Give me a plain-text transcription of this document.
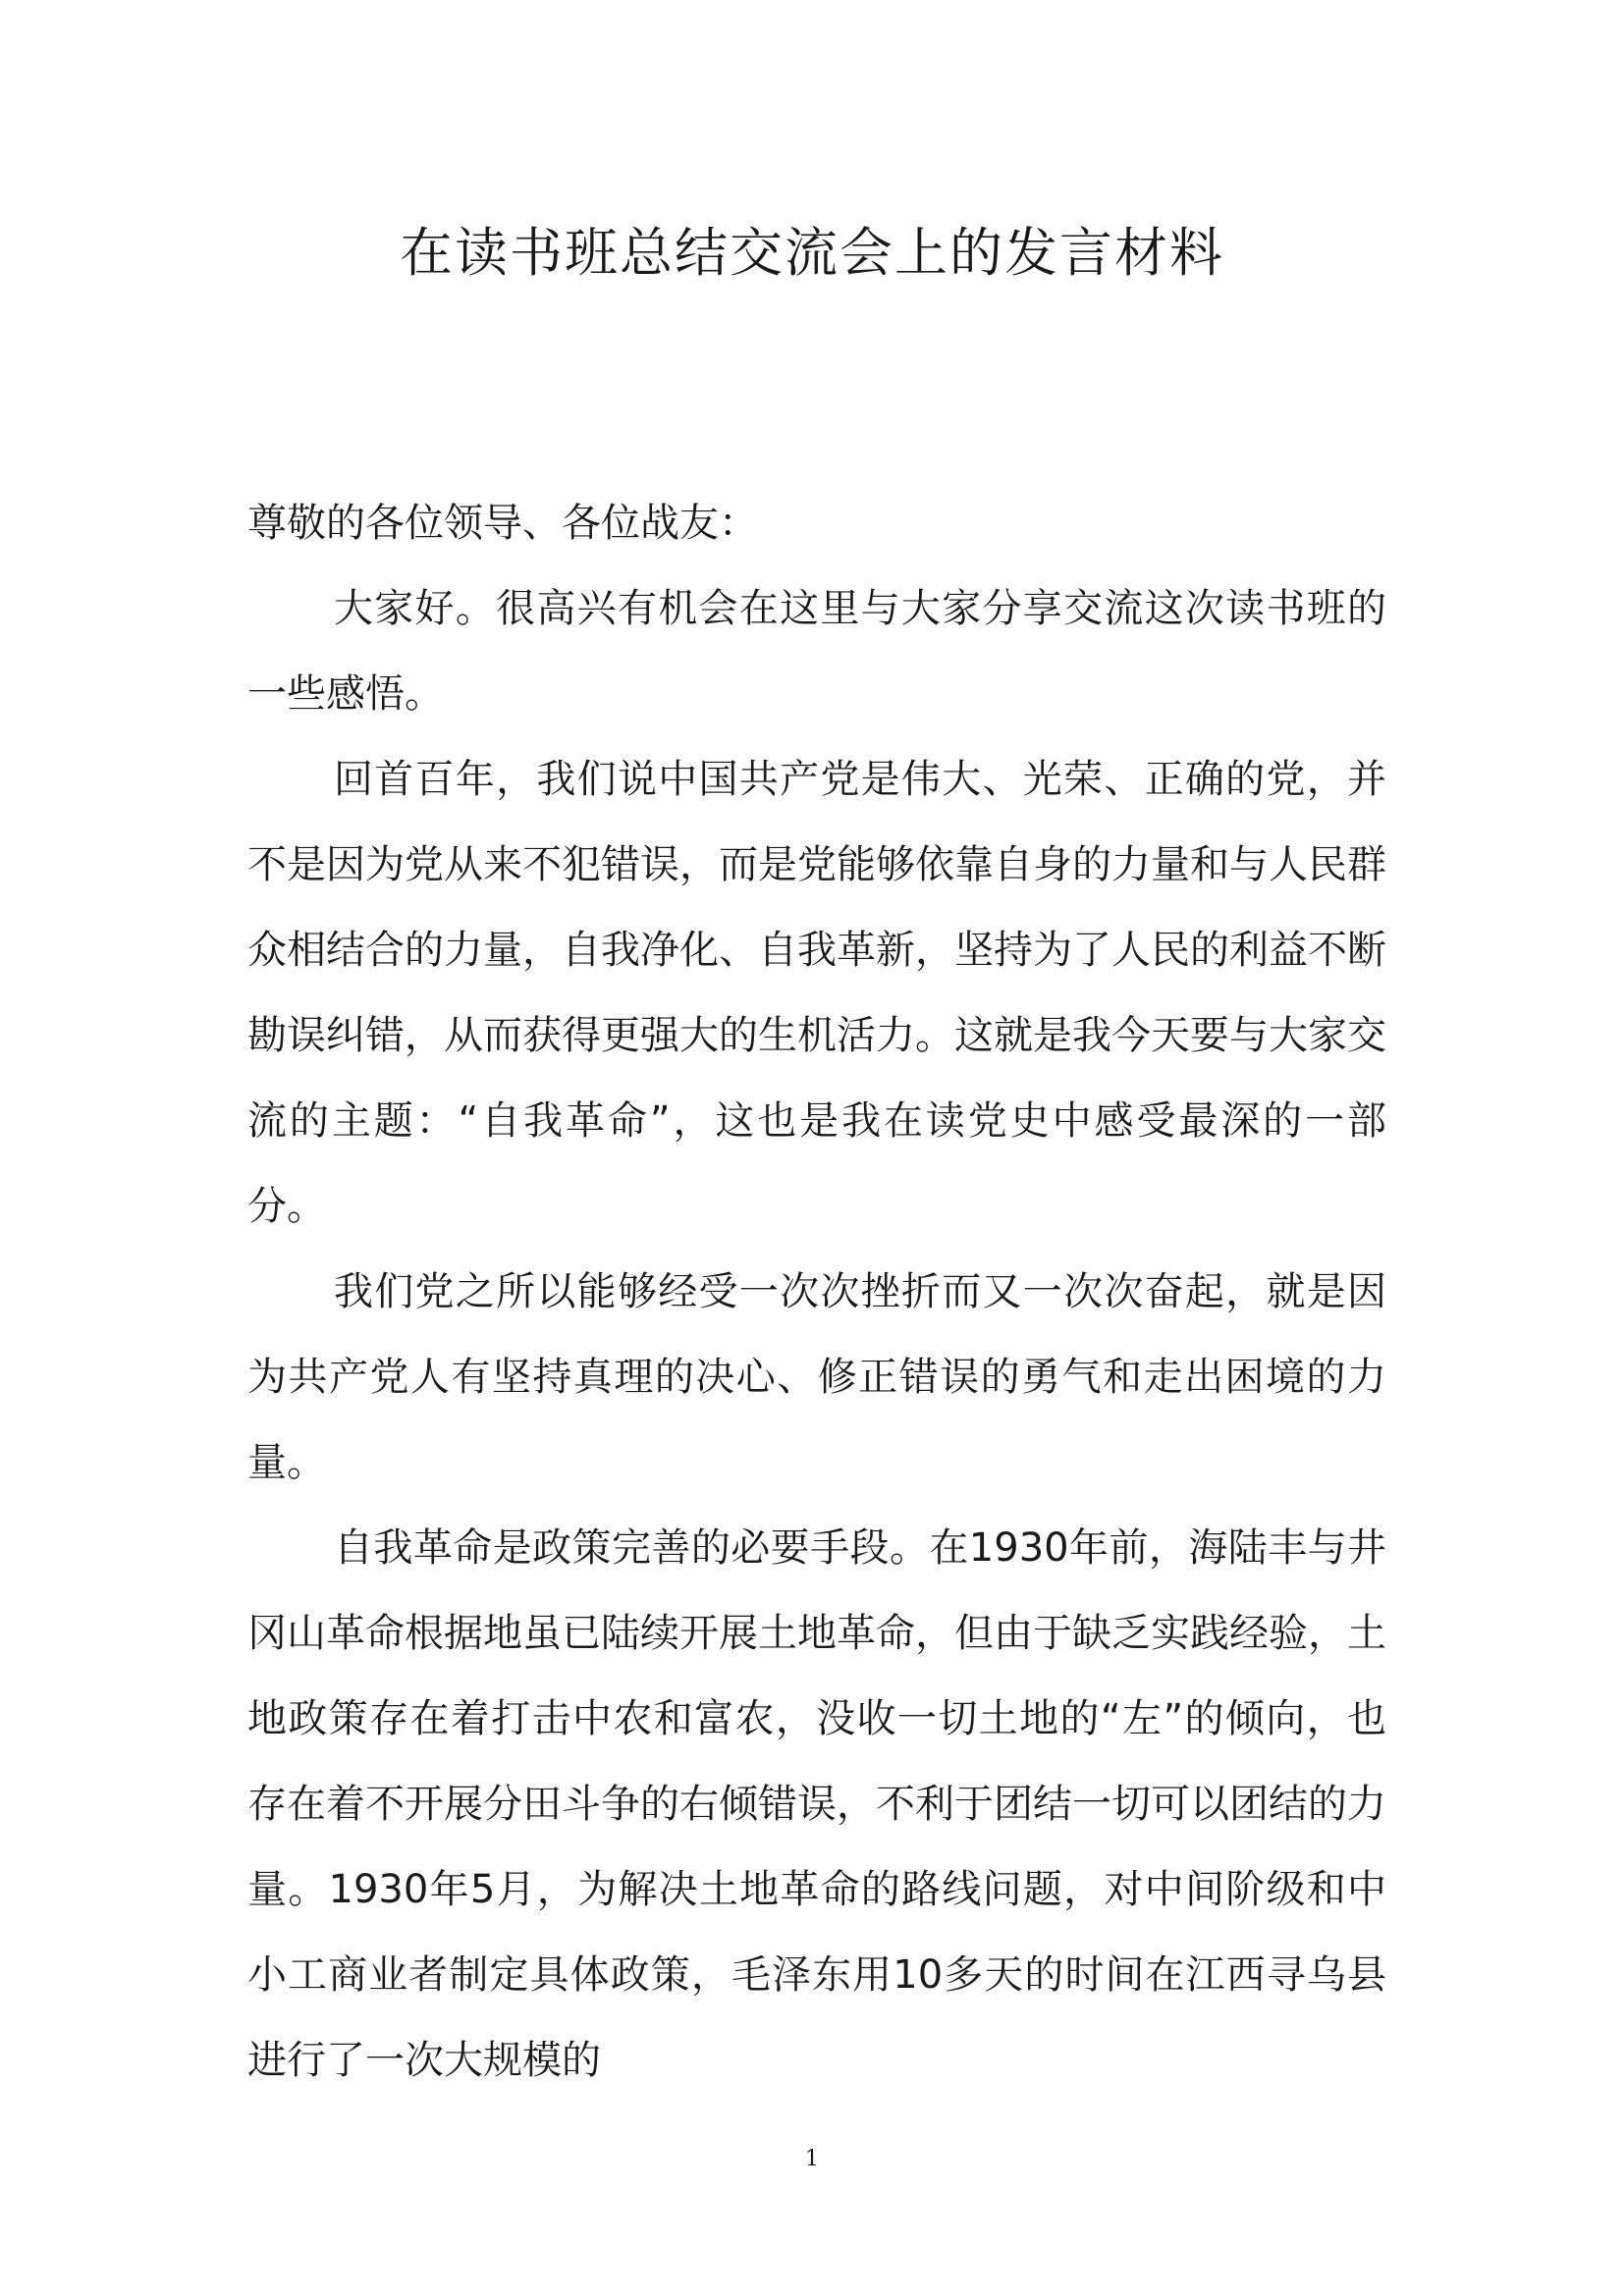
在读书班总结交流会上的发言材料

尊敬的各位领导、各位战友：

大家好。很高兴有机会在这里与大家分享交流这次读书班的一些感悟。

回首百年，我们说中国共产党是伟大、光荣、正确的党，并不是因为党从来不犯错误，而是党能够依靠自身的力量和与人民群众相结合的力量，自我净化、自我革新，坚持为了人民的利益不断勘误纠错，从而获得更强大的生机活力。这就是我今天要与大家交流的主题：“自我革命”，这也是我在读党史中感受最深的一部分。

我们党之所以能够经受一次次挫折而又一次次奋起，就是因为共产党人有坚持真理的决心、修正错误的勇气和走出困境的力量。

自我革命是政策完善的必要手段。在1930年前，海陆丰与井冈山革命根据地虽已陆续开展土地革命，但由于缺乏实践经验，土地政策存在着打击中农和富农，没收一切土地的“左”的倾向，也存在着不开展分田斗争的右倾错误，不利于团结一切可以团结的力量。1930年5月，为解决土地革命的路线问题，对中间阶级和中小工商业者制定具体政策，毛泽东用10多天的时间在江西寻乌县进行了一次大规模的

1
